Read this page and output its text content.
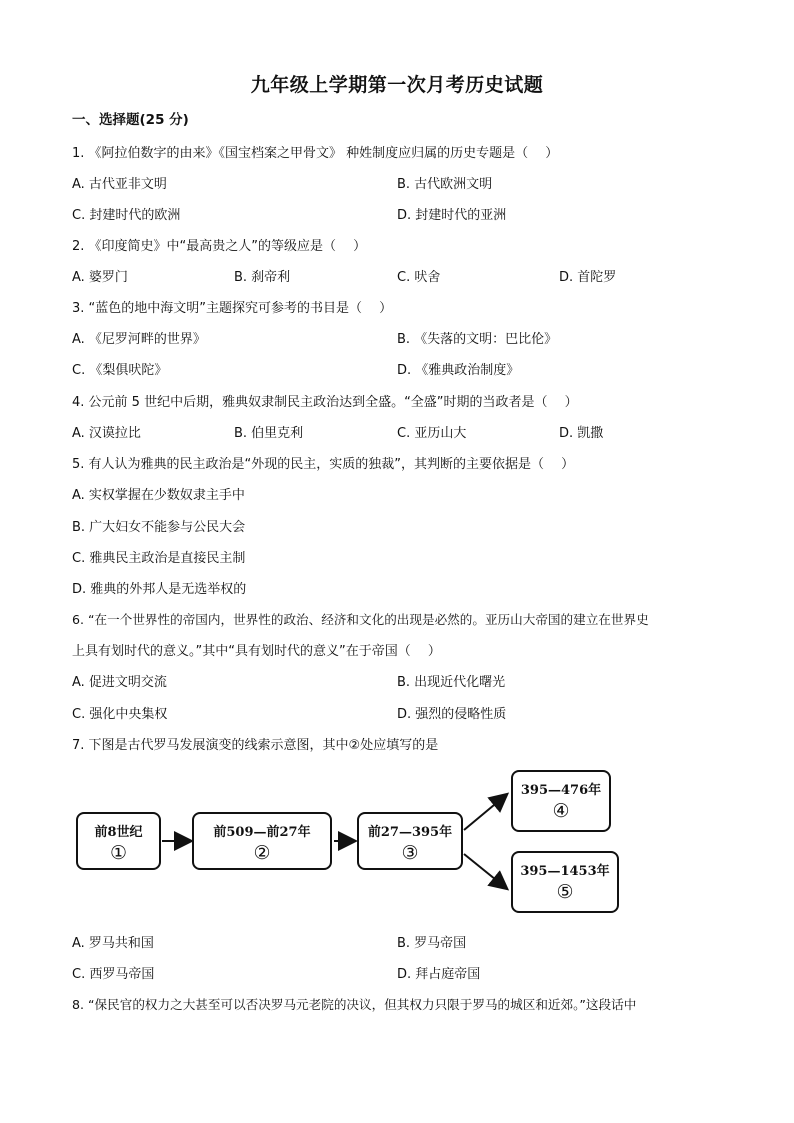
九年级上学期第一次月考历史试题
一、选择题(25 分)
1. 《阿拉伯数字的由来》《国宝档案之甲骨文》 种姓制度应归属的历史专题是（　 ）
A. 古代亚非文明	B. 古代欧洲文明
C. 封建时代的欧洲	D. 封建时代的亚洲
2. 《印度简史》中“最高贵之人”的等级应是（　 ）
A. 婆罗门	B. 刹帝利	C. 吠舍	D. 首陀罗
3. “蓝色的地中海文明”主题探究可参考的书目是（　 ）
A. 《尼罗河畔的世界》	B. 《失落的文明：巴比伦》
C. 《梨俱吠陀》	D. 《雅典政治制度》
4. 公元前 5 世纪中后期，雅典奴隶制民主政治达到全盛。“全盛”时期的当政者是（　 ）
A. 汉谟拉比	B. 伯里克利	C. 亚历山大	D. 凯撒
5. 有人认为雅典的民主政治是“外现的民主，实质的独裁”，其判断的主要依据是（　 ）
A. 实权掌握在少数奴隶主手中
B. 广大妇女不能参与公民大会
C. 雅典民主政治是直接民主制
D. 雅典的外邦人是无选举权的
6. “在一个世界性的帝国内，世界性的政治、经济和文化的出现是必然的。亚历山大帝国的建立在世界史
上具有划时代的意义。”其中“具有划时代的意义”在于帝国（　 ）
A. 促进文明交流	B. 出现近代化曙光
C. 强化中央集权	D. 强烈的侵略性质
7. 下图是古代罗马发展演变的线索示意图，其中②处应填写的是
前8世纪
①
前509—前27年
②
前27—395年
③
395—476年
④
395—1453年
⑤
A. 罗马共和国	B. 罗马帝国
C. 西罗马帝国	D. 拜占庭帝国
8. “保民官的权力之大甚至可以否决罗马元老院的决议，但其权力只限于罗马的城区和近郊。”这段话中
